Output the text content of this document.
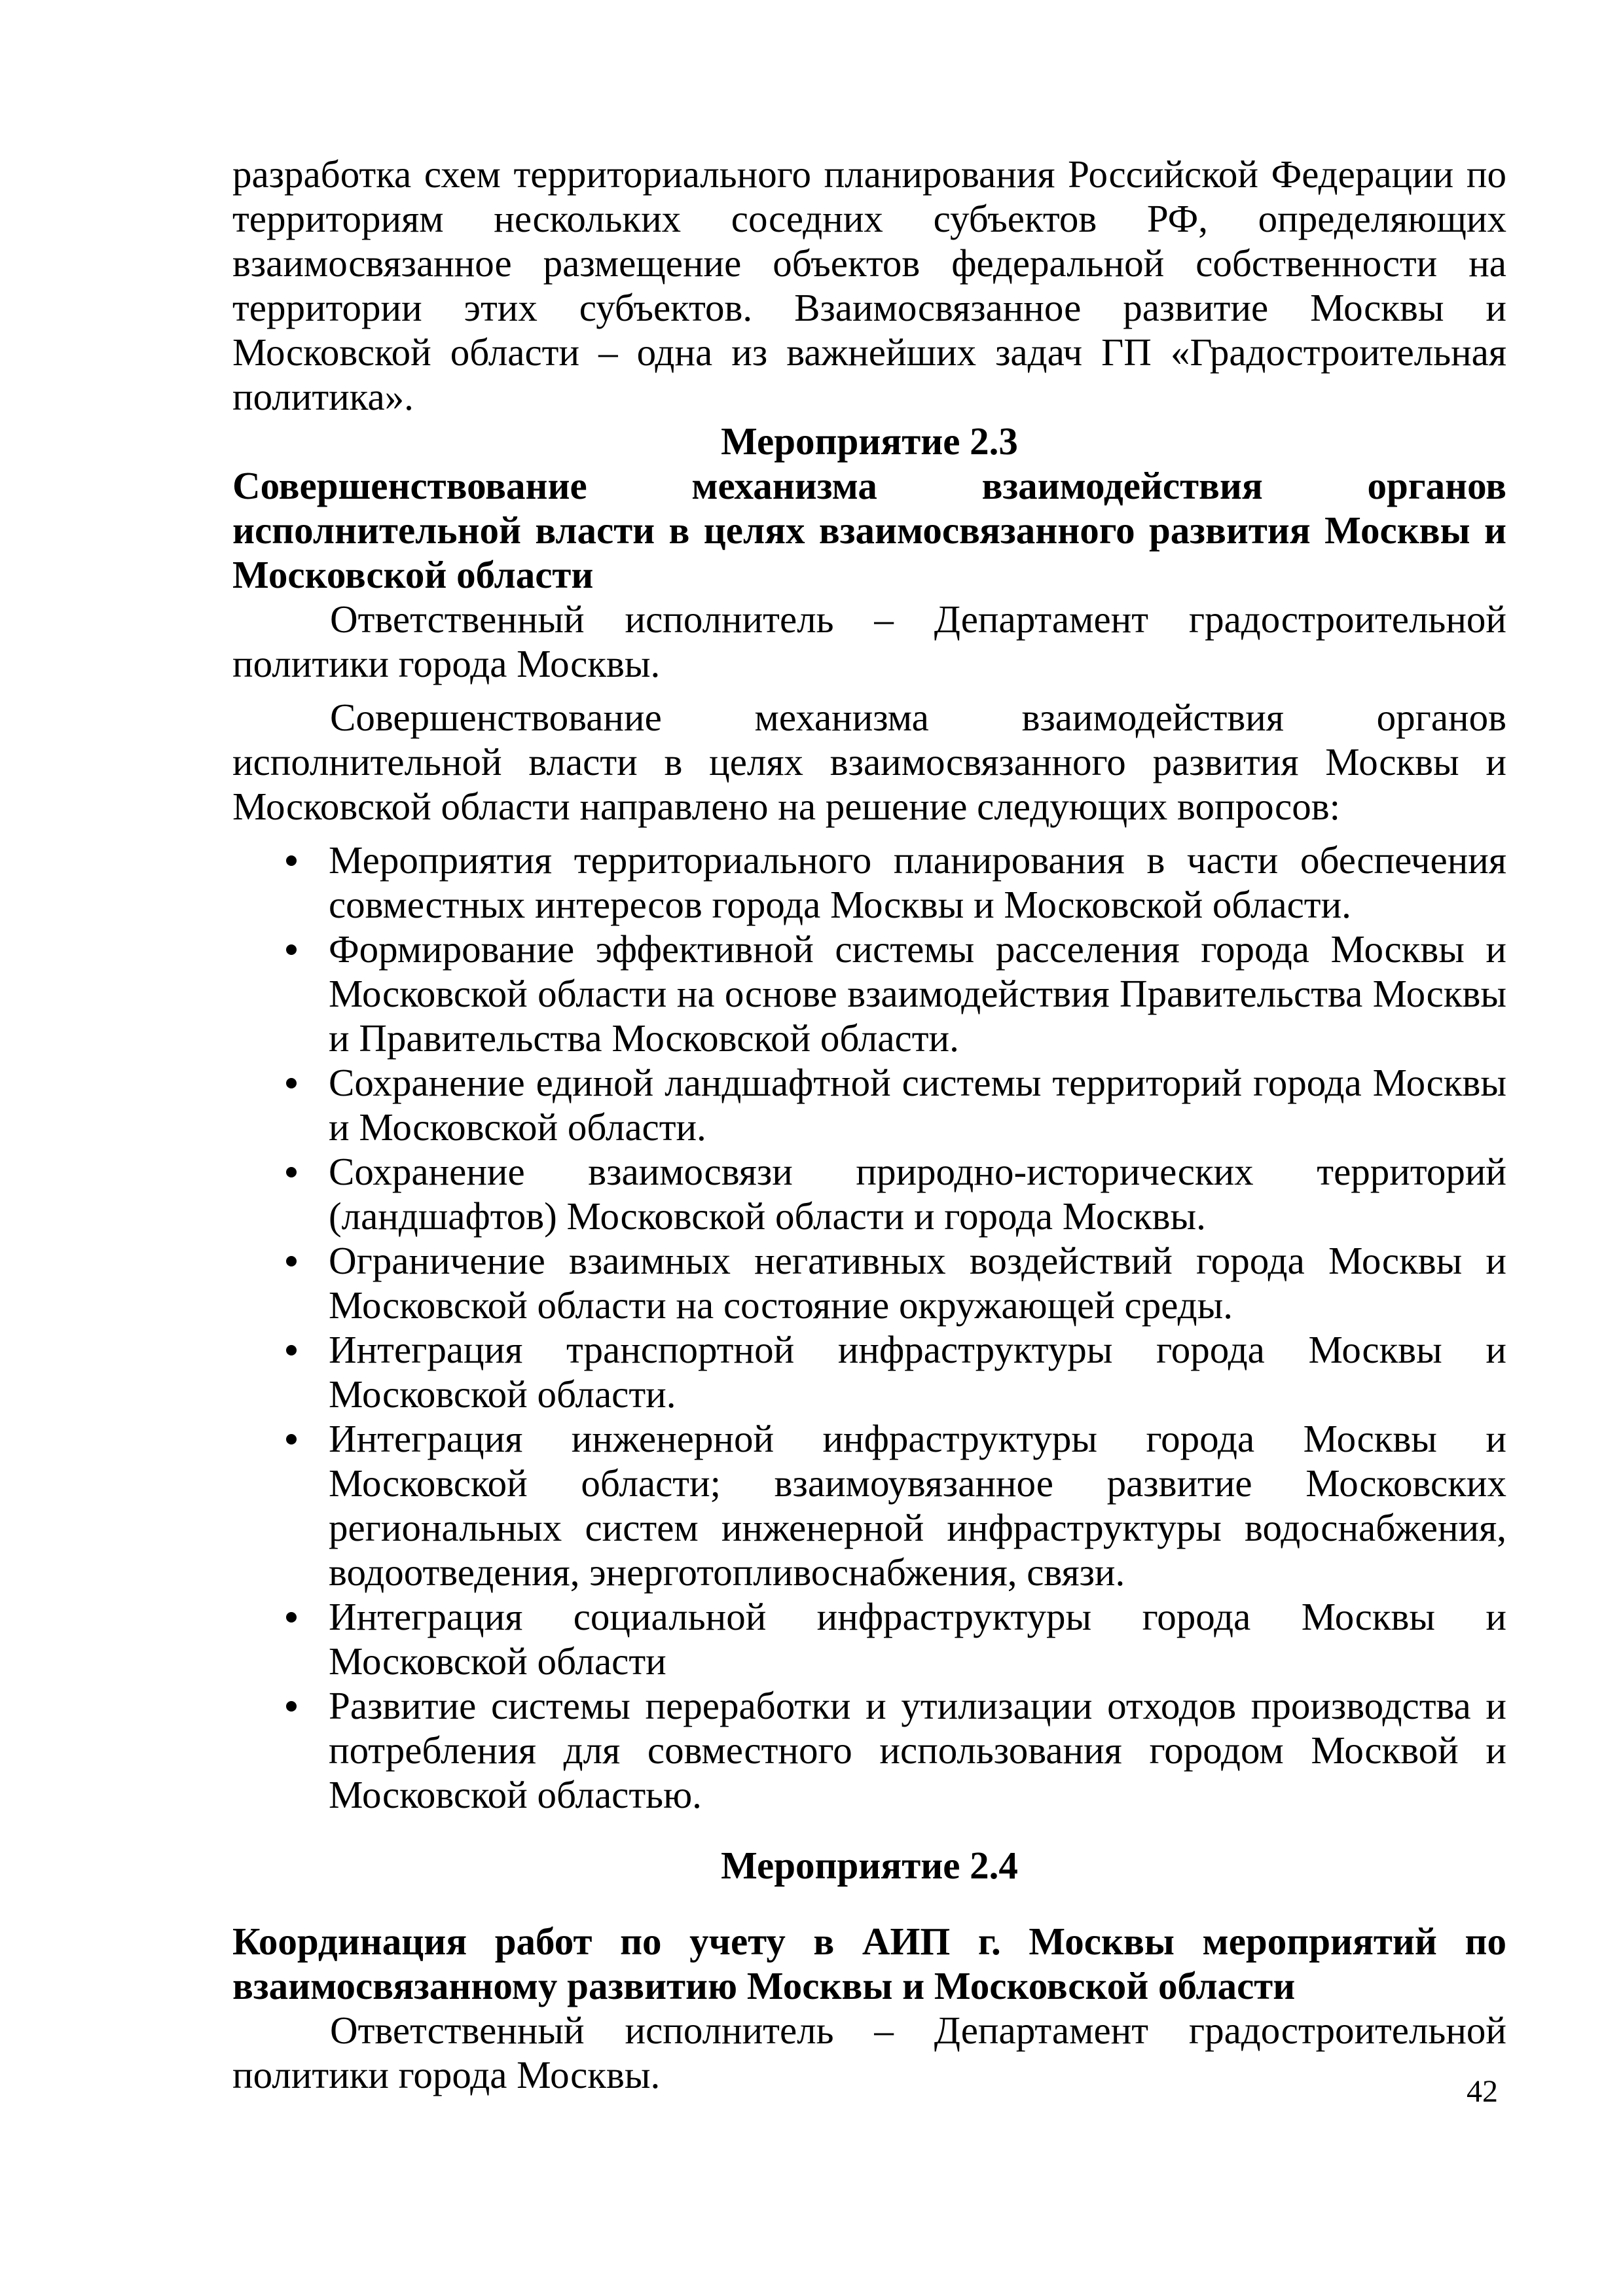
разработка схем территориального планирования Российской Федерации по территориям нескольких соседних субъектов РФ, определяющих взаимосвязанное размещение объектов федеральной собственности на территории этих субъектов. Взаимосвязанное развитие Москвы и Московской области – одна из важнейших задач ГП «Градостроительная политика».

Мероприятие 2.3

Совершенствование механизма взаимодействия органов исполнительной власти в целях взаимосвязанного развития Москвы и Московской области

Ответственный исполнитель – Департамент градостроительной политики города Москвы.

Совершенствование механизма взаимодействия органов исполнительной власти в целях взаимосвязанного развития Москвы и Московской области направлено на решение следующих вопросов:

Мероприятия территориального планирования в части обеспечения совместных интересов города Москвы и Московской области.
Формирование эффективной системы расселения города Москвы и Московской области на основе взаимодействия Правительства Москвы и Правительства Московской области.
Сохранение единой ландшафтной системы территорий города Москвы и Московской области.
Сохранение взаимосвязи природно-исторических территорий (ландшафтов) Московской области и города Москвы.
Ограничение взаимных негативных воздействий города Москвы и Московской области на состояние окружающей среды.
Интеграция транспортной инфраструктуры города Москвы и Московской области.
Интеграция инженерной инфраструктуры города Москвы и Московской области; взаимоувязанное развитие Московских региональных систем инженерной инфраструктуры водоснабжения, водоотведения, энерготопливоснабжения, связи.
Интеграция социальной инфраструктуры города Москвы и Московской области
Развитие системы переработки и утилизации отходов производства и потребления для совместного использования городом Москвой и Московской областью.

Мероприятие 2.4

Координация работ по учету в АИП г. Москвы мероприятий по взаимосвязанному развитию Москвы и Московской области

Ответственный исполнитель – Департамент градостроительной политики города Москвы.	42
